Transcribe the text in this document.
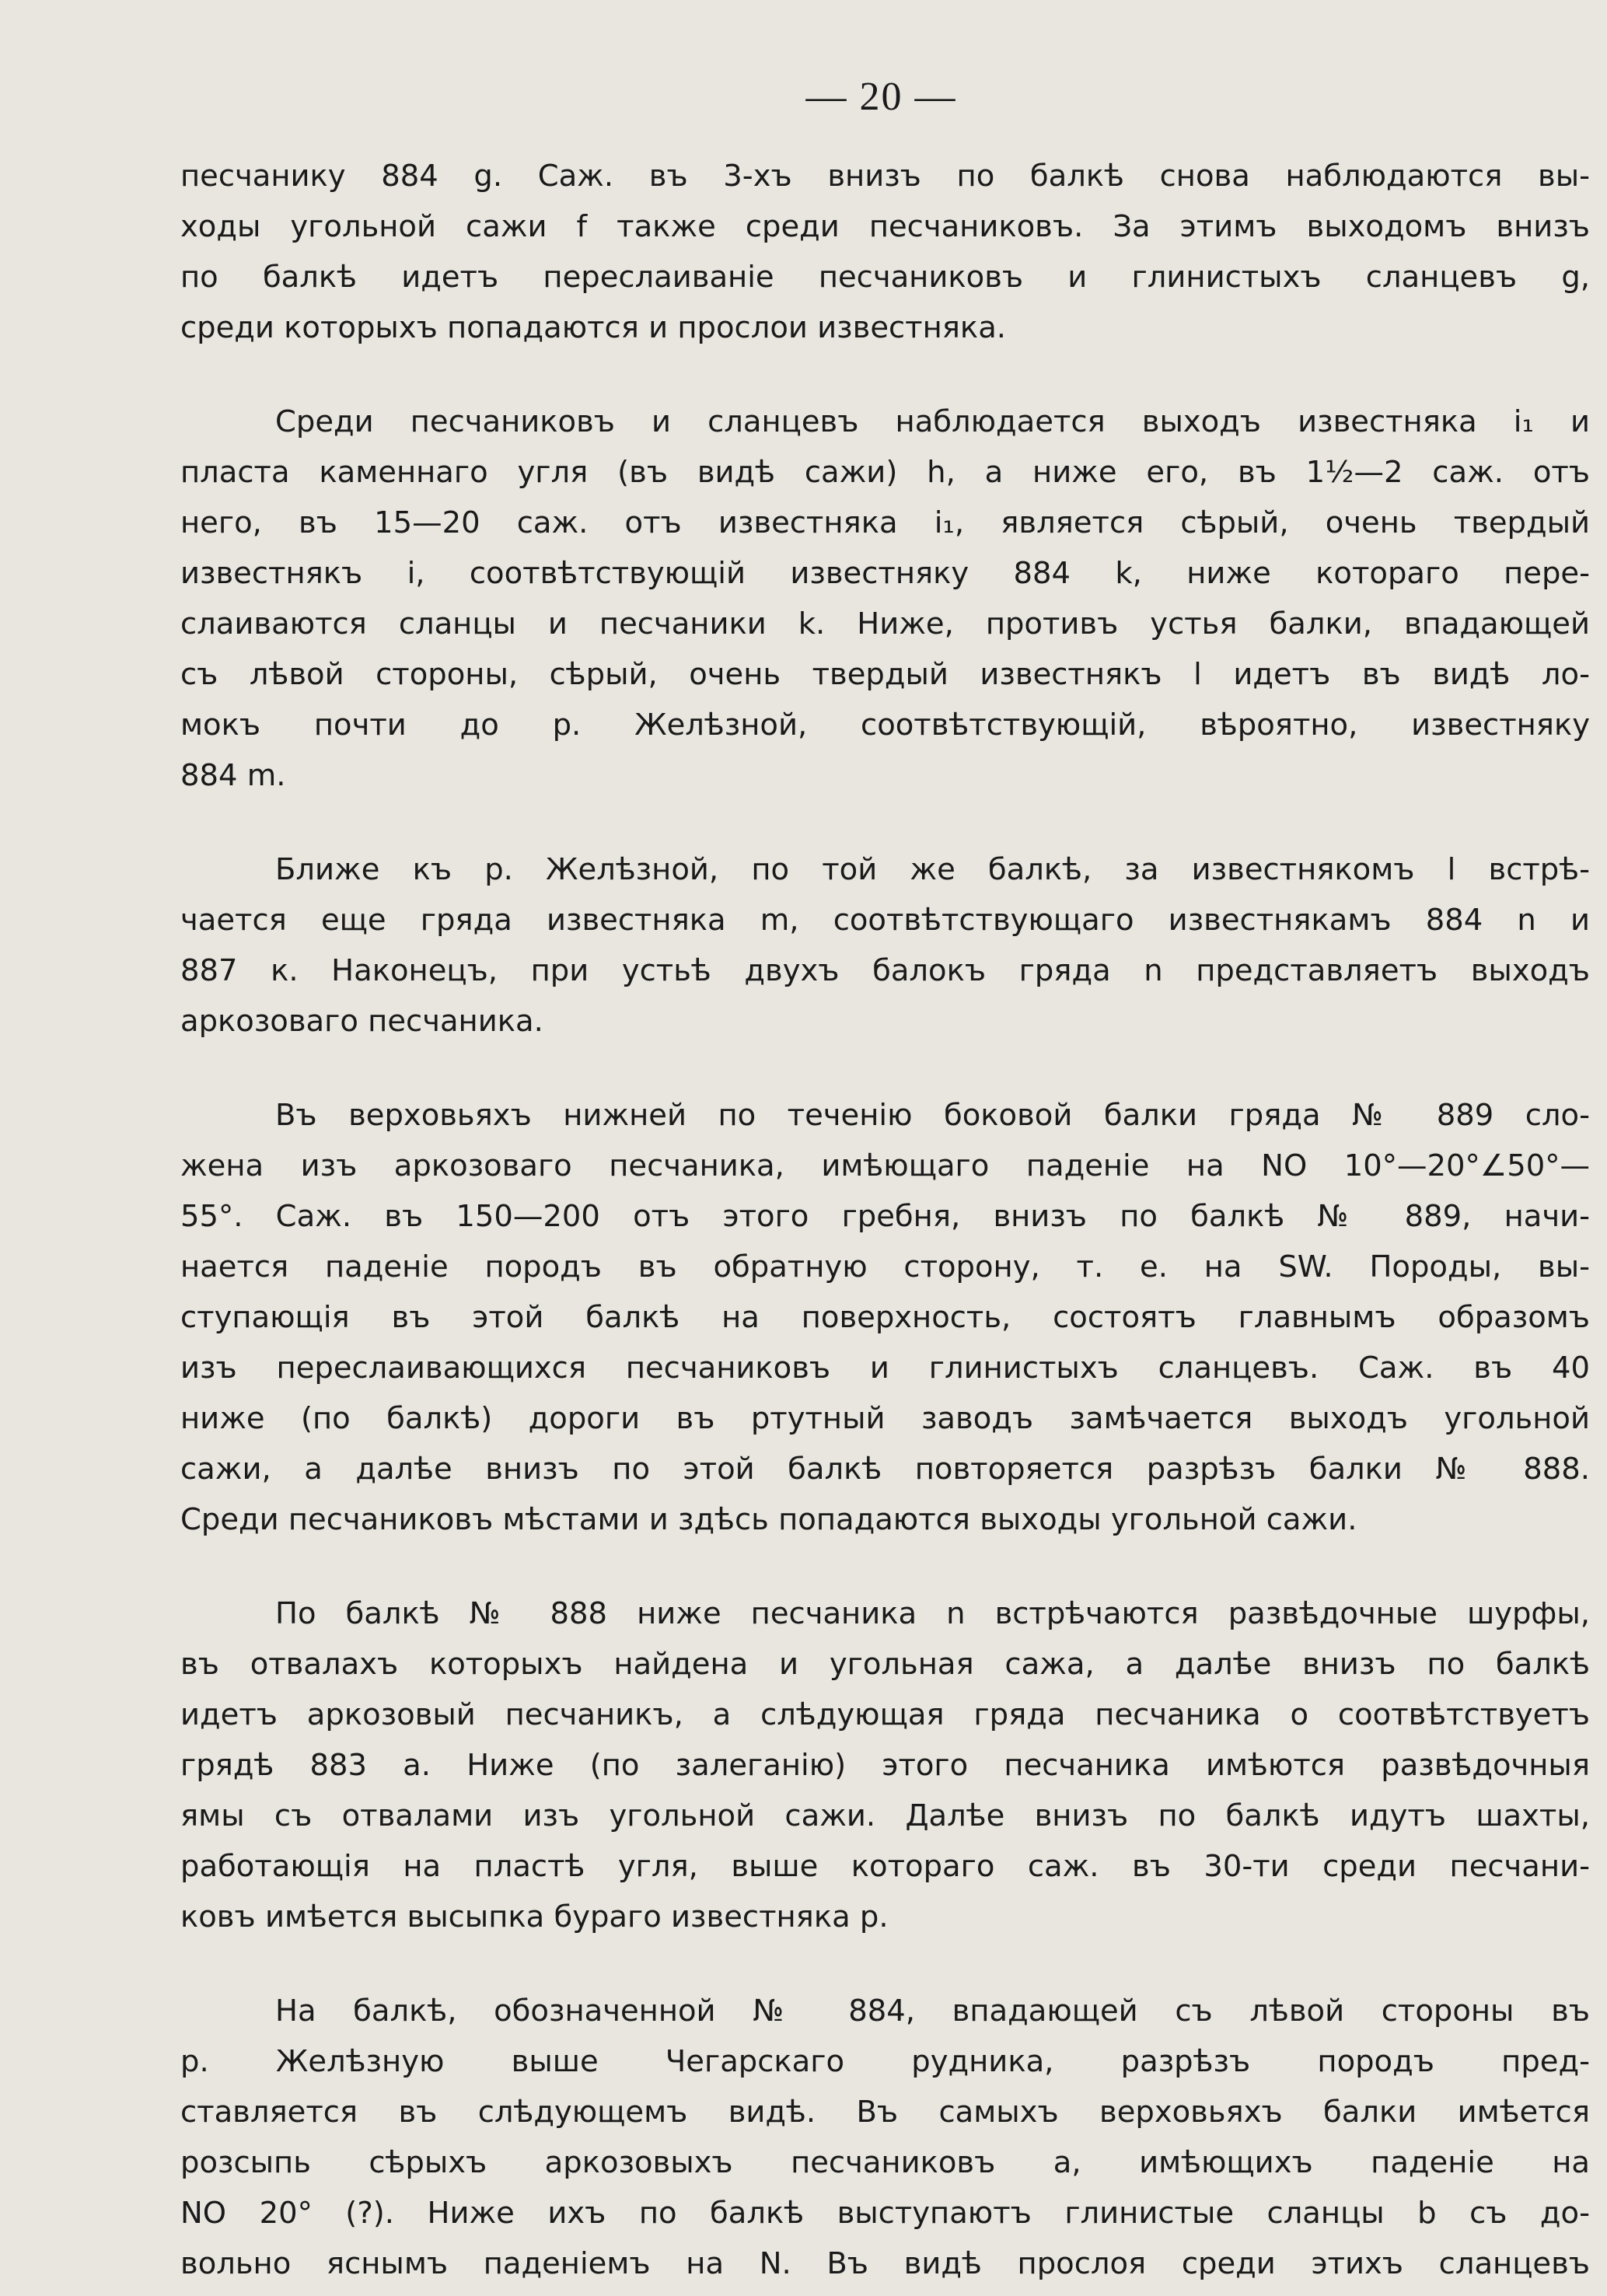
— 20 —
песчанику 884 g. Саж. въ 3-хъ внизъ по балкѣ снова наблюдаются вы-
ходы угольной сажи f также среди песчаниковъ. За этимъ выходомъ внизъ
по балкѣ идетъ переслаиванiе песчаниковъ и глинистыхъ сланцевъ g,
среди которыхъ попадаются и прослои известняка.
Среди песчаниковъ и сланцевъ наблюдается выходъ известняка i₁ и
пласта каменнаго угля (въ видѣ сажи) h, а ниже его, въ 1½—2 саж. отъ
него, въ 15—20 саж. отъ известняка i₁, является сѣрый, очень твердый
известнякъ i, соотвѣтствующiй известняку 884 k, ниже котораго пере-
слаиваются сланцы и песчаники k. Ниже, противъ устья балки, впадающей
съ лѣвой стороны, сѣрый, очень твердый известнякъ l идетъ въ видѣ ло-
мокъ почти до р. Желѣзной, соотвѣтствующiй, вѣроятно, известняку
884 m.
Ближе къ р. Желѣзной, по той же балкѣ, за известнякомъ l встрѣ-
чается еще гряда известняка m, соотвѣтствующаго известнякамъ 884 n и
887 к. Наконецъ, при устьѣ двухъ балокъ гряда n представляетъ выходъ
аркозоваго песчаника.
Въ верховьяхъ нижней по теченiю боковой балки гряда № 889 сло-
жена изъ аркозоваго песчаника, имѣющаго паденiе на NO 10°—20°∠50°—
55°. Саж. въ 150—200 отъ этого гребня, внизъ по балкѣ № 889, начи-
нается паденiе породъ въ обратную сторону, т. е. на SW. Породы, вы-
ступающiя въ этой балкѣ на поверхность, состоятъ главнымъ образомъ
изъ переслаивающихся песчаниковъ и глинистыхъ сланцевъ. Саж. въ 40
ниже (по балкѣ) дороги въ ртутный заводъ замѣчается выходъ угольной
сажи, а далѣе внизъ по этой балкѣ повторяется разрѣзъ балки № 888.
Среди песчаниковъ мѣстами и здѣсь попадаются выходы угольной сажи.
По балкѣ № 888 ниже песчаника n встрѣчаются развѣдочные шурфы,
въ отвалахъ которыхъ найдена и угольная сажа, а далѣе внизъ по балкѣ
идетъ аркозовый песчаникъ, а слѣдующая гряда песчаника o соотвѣтствуетъ
грядѣ 883 a. Ниже (по залеганiю) этого песчаника имѣются развѣдочныя
ямы съ отвалами изъ угольной сажи. Далѣе внизъ по балкѣ идутъ шахты,
работающiя на пластѣ угля, выше котораго саж. въ 30-ти среди песчани-
ковъ имѣется высыпка бураго известняка p.
На балкѣ, обозначенной № 884, впадающей съ лѣвой стороны въ
р. Желѣзную выше Чегарскаго рудника, разрѣзъ породъ пред-
ставляется въ слѣдующемъ видѣ. Въ самыхъ верховьяхъ балки имѣется
розсыпь сѣрыхъ аркозовыхъ песчаниковъ a, имѣющихъ паденiе на
NO 20° (?). Ниже ихъ по балкѣ выступаютъ глинистые сланцы b съ до-
вольно яснымъ паденiемъ на N. Въ видѣ прослоя среди этихъ сланцевъ
